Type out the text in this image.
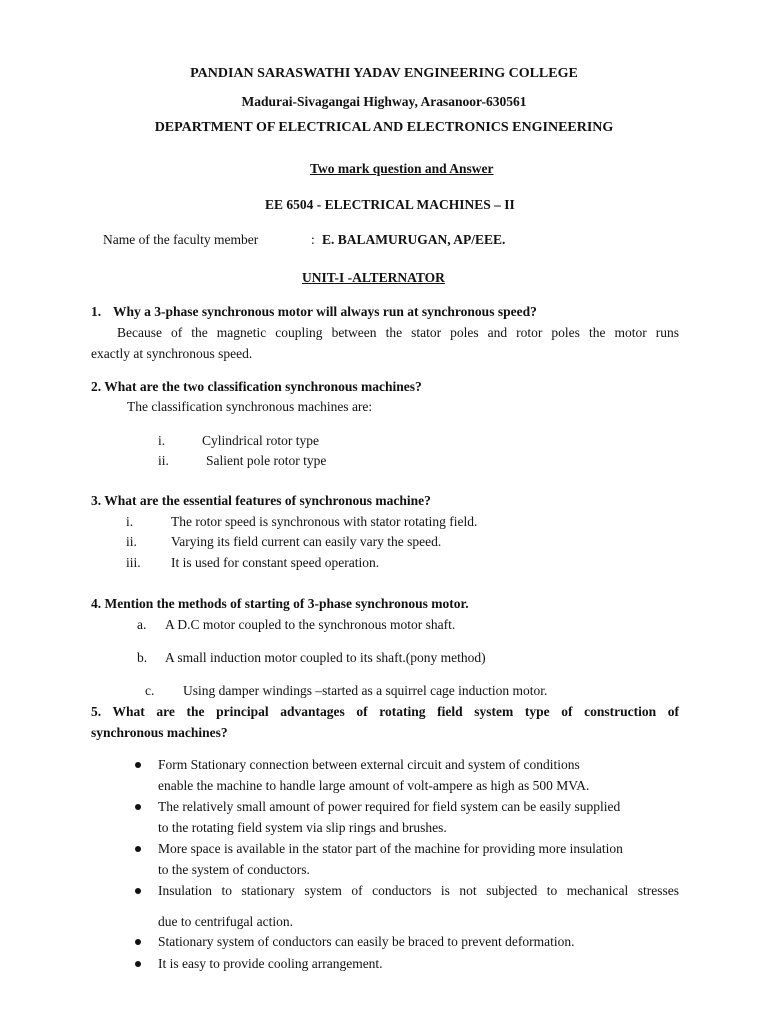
PANDIAN SARASWATHI YADAV ENGINEERING COLLEGE
Madurai-Sivagangai Highway, Arasanoor-630561
DEPARTMENT OF ELECTRICAL AND ELECTRONICS ENGINEERING
Two mark question and Answer
EE 6504 - ELECTRICAL MACHINES – II
Name of the faculty member	: E. BALAMURUGAN, AP/EEE.
UNIT-I -ALTERNATOR
1. Why a 3-phase synchronous motor will always run at synchronous speed?
Because of the magnetic coupling between the stator poles and rotor poles the motor runs
exactly at synchronous speed.
2. What are the two classification synchronous machines?
The classification synchronous machines are:
i.	Cylindrical rotor type
ii.	Salient pole rotor type
3. What are the essential features of synchronous machine?
i.	The rotor speed is synchronous with stator rotating field.
ii.	Varying its field current can easily vary the speed.
iii. It is used for constant speed operation.
4. Mention the methods of starting of 3-phase synchronous motor.
a. A D.C motor coupled to the synchronous motor shaft.
b. A small induction motor coupled to its shaft.(pony method)
c. Using damper windings –started as a squirrel cage induction motor.
5. What are the principal advantages of rotating field system type of construction of
synchronous machines?
Form Stationary connection between external circuit and system of conditions
enable the machine to handle large amount of volt-ampere as high as 500 MVA.
The relatively small amount of power required for field system can be easily supplied
to the rotating field system via slip rings and brushes.
More space is available in the stator part of the machine for providing more insulation
to the system of conductors.
Insulation to stationary system of conductors is not subjected to mechanical stresses
due to centrifugal action.
Stationary system of conductors can easily be braced to prevent deformation.
It is easy to provide cooling arrangement.
